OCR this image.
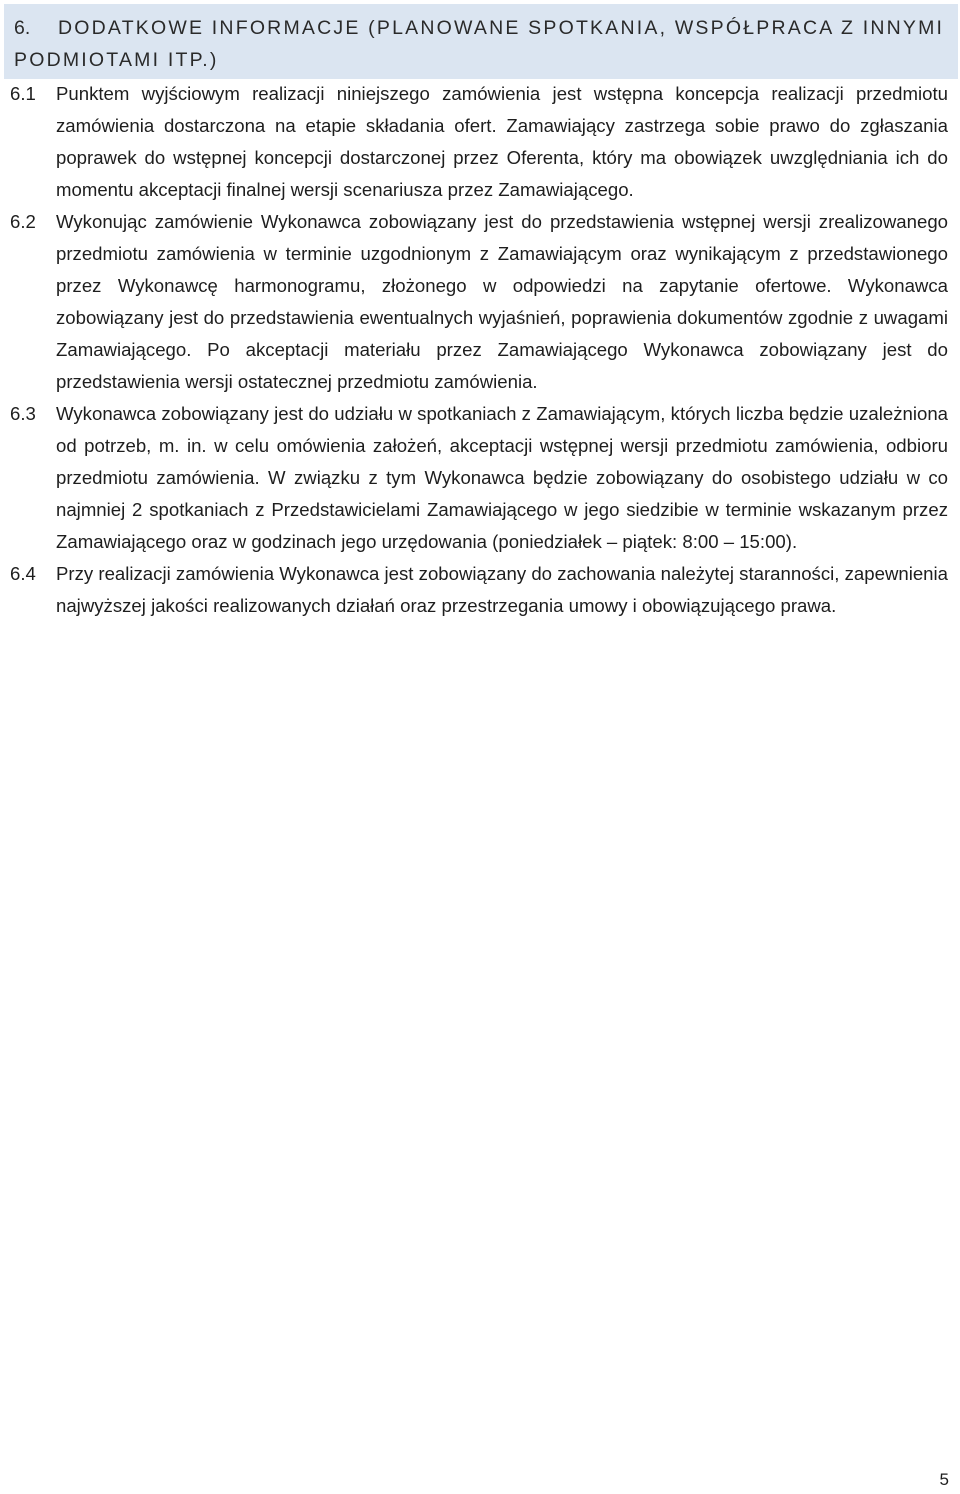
6. DODATKOWE INFORMACJE (PLANOWANE SPOTKANIA, WSPÓŁPRACA Z INNYMI PODMIOTAMI ITP.)
6.1 Punktem wyjściowym realizacji niniejszego zamówienia jest wstępna koncepcja realizacji przedmiotu zamówienia dostarczona na etapie składania ofert. Zamawiający zastrzega sobie prawo do zgłaszania poprawek do wstępnej koncepcji dostarczonej przez Oferenta, który ma obowiązek uwzględniania ich do momentu akceptacji finalnej wersji scenariusza przez Zamawiającego.
6.2 Wykonując zamówienie Wykonawca zobowiązany jest do przedstawienia wstępnej wersji zrealizowanego przedmiotu zamówienia w terminie uzgodnionym z Zamawiającym oraz wynikającym z przedstawionego przez Wykonawcę harmonogramu, złożonego w odpowiedzi na zapytanie ofertowe. Wykonawca zobowiązany jest do przedstawienia ewentualnych wyjaśnień, poprawienia dokumentów zgodnie z uwagami Zamawiającego. Po akceptacji materiału przez Zamawiającego Wykonawca zobowiązany jest do przedstawienia wersji ostatecznej przedmiotu zamówienia.
6.3 Wykonawca zobowiązany jest do udziału w spotkaniach z Zamawiającym, których liczba będzie uzależniona od potrzeb, m. in. w celu omówienia założeń, akceptacji wstępnej wersji przedmiotu zamówienia, odbioru przedmiotu zamówienia. W związku z tym Wykonawca będzie zobowiązany do osobistego udziału w co najmniej 2 spotkaniach z Przedstawicielami Zamawiającego w jego siedzibie w terminie wskazanym przez Zamawiającego oraz w godzinach jego urzędowania (poniedziałek – piątek: 8:00 – 15:00).
6.4 Przy realizacji zamówienia Wykonawca jest zobowiązany do zachowania należytej staranności, zapewnienia najwyższej jakości realizowanych działań oraz przestrzegania umowy i obowiązującego prawa.
5
